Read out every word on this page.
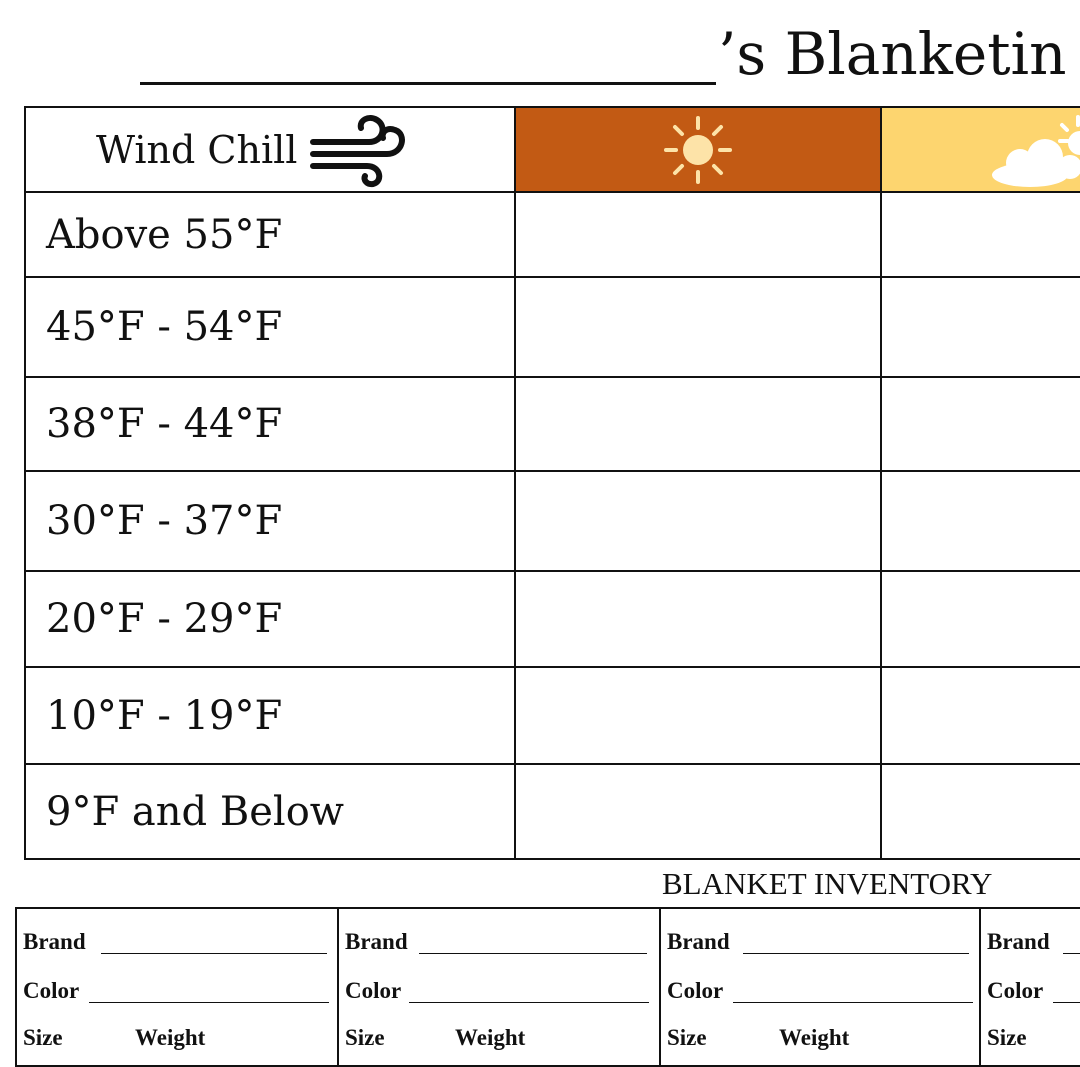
’s Blanketin
Wind Chill
Above 55°F
45°F - 54°F
38°F - 44°F
30°F - 37°F
20°F - 29°F
10°F - 19°F
9°F and Below
BLANKET INVENTORY
Brand
Color
Size	Weight
Brand
Color
Size	Weight
Brand
Color
Size	Weight
Brand
Color
Size
